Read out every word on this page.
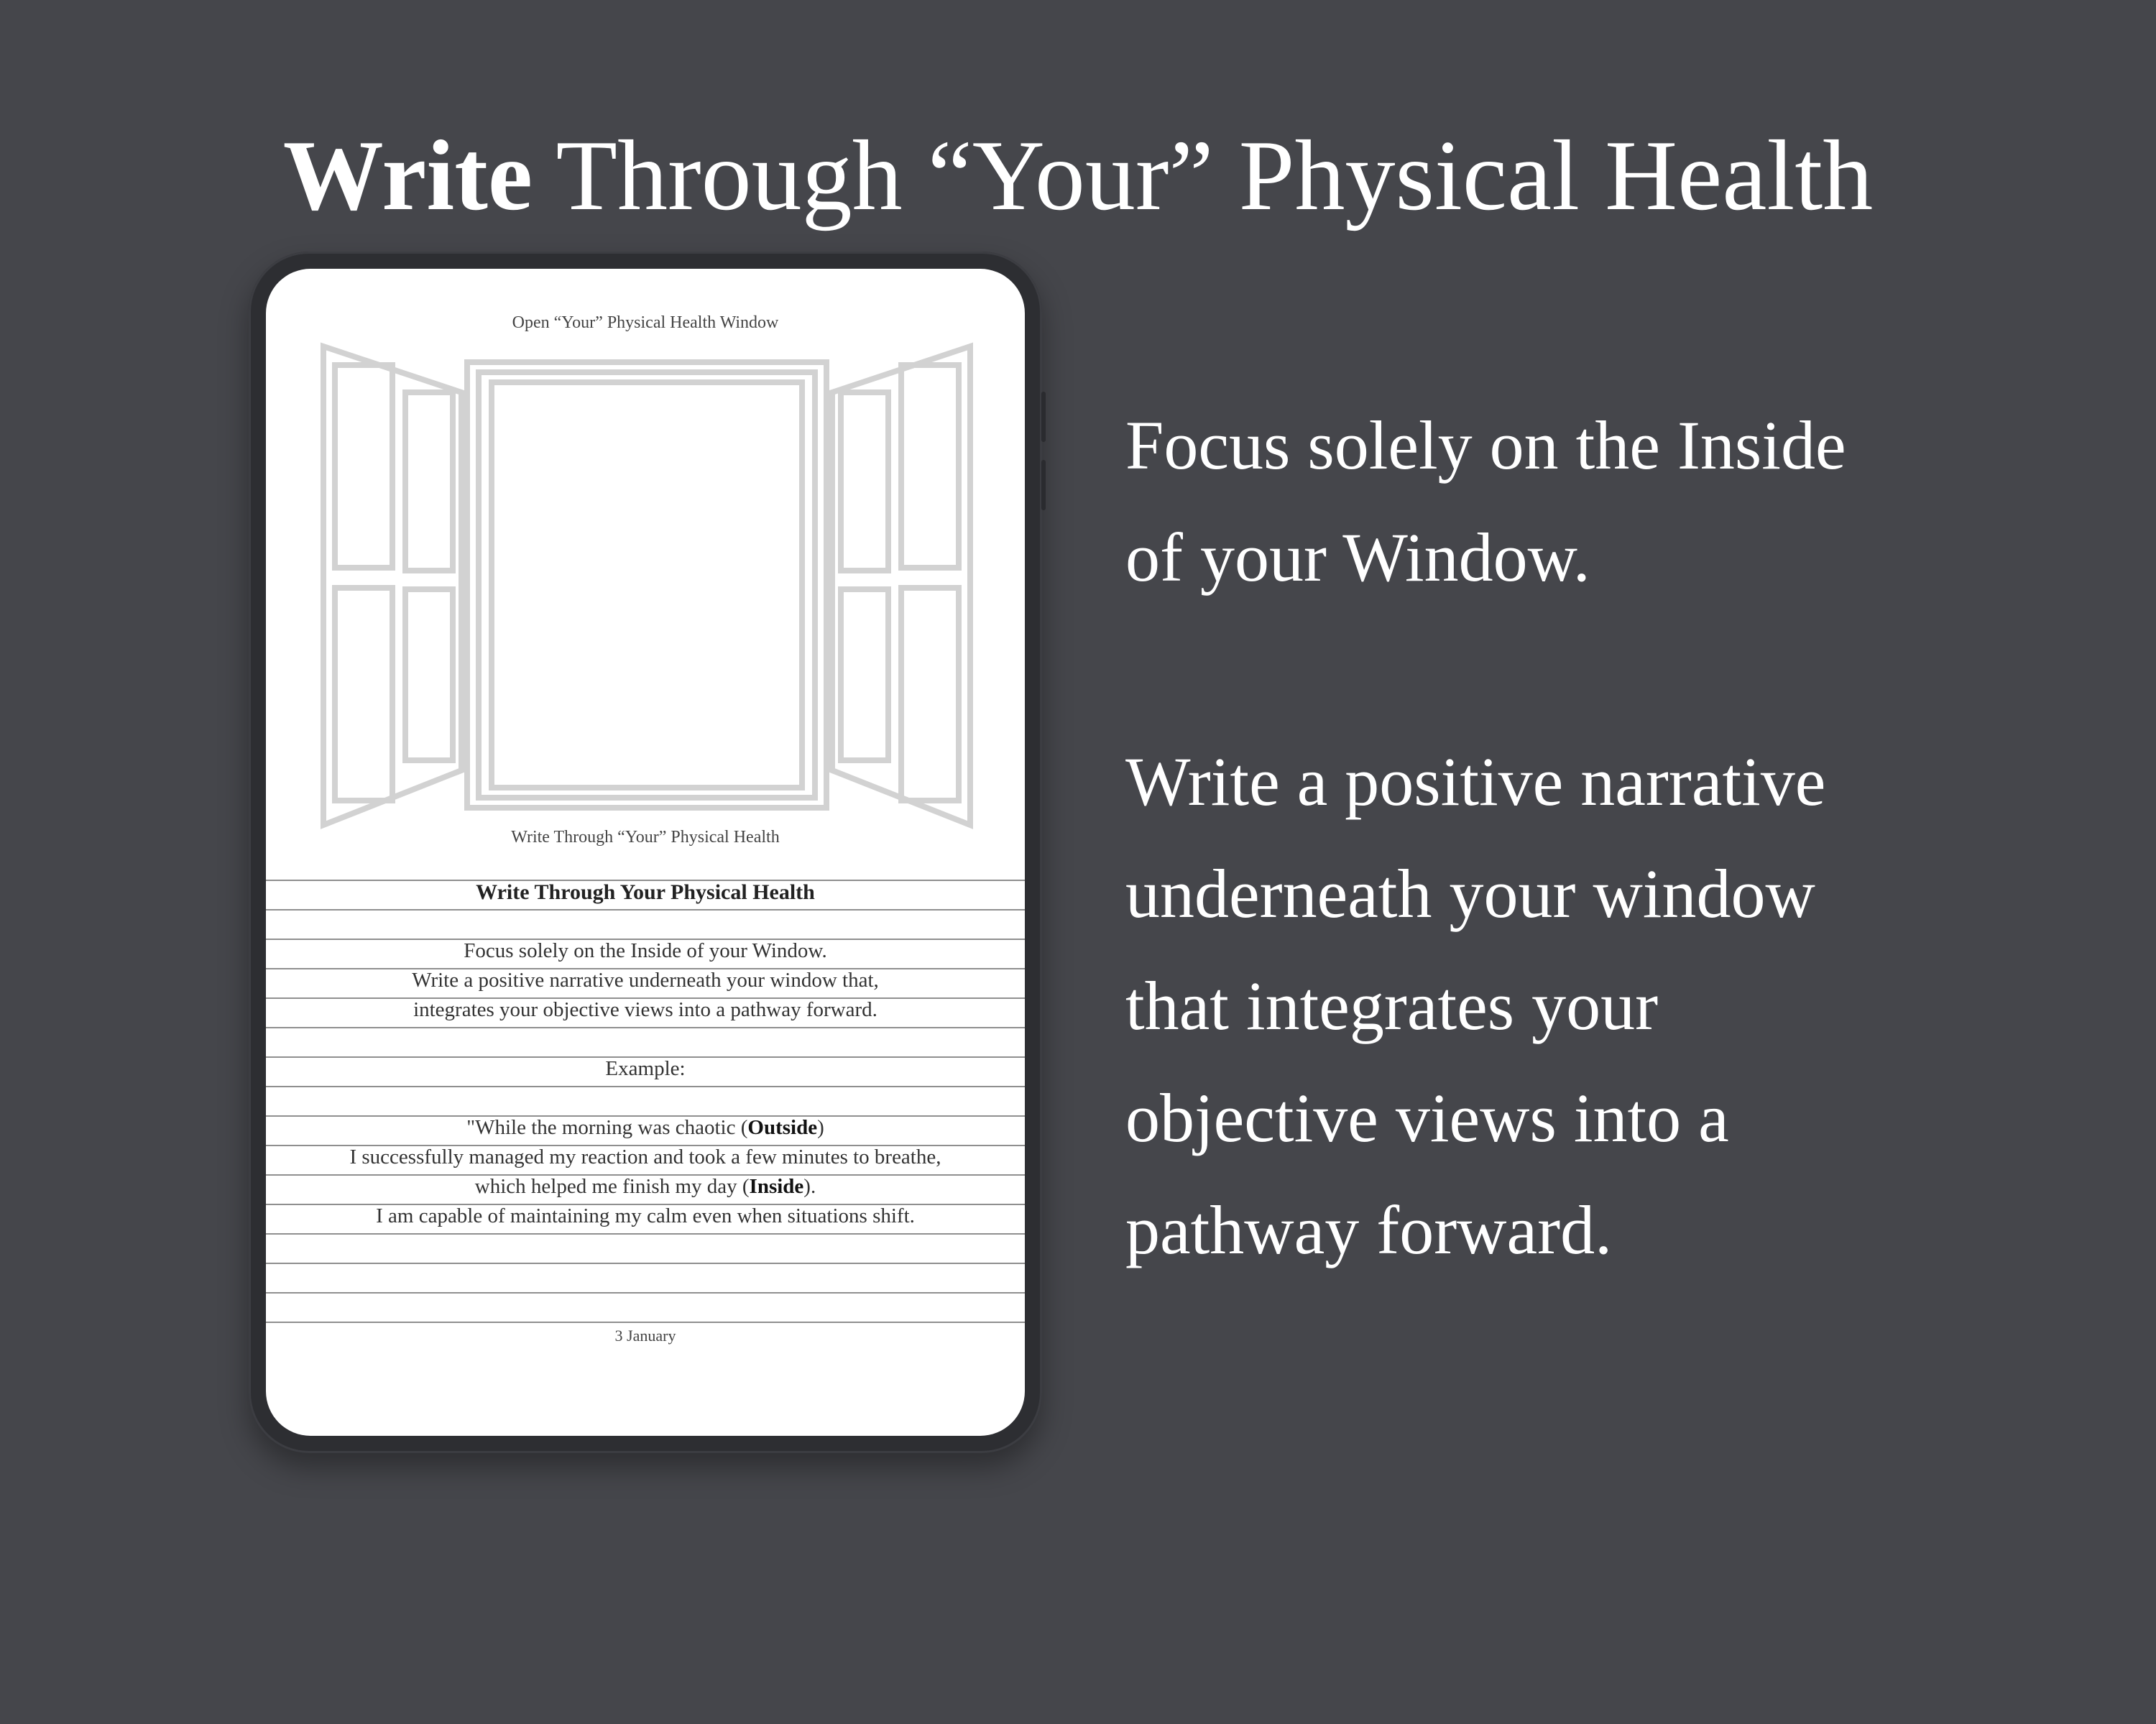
Write Through “Your” Physical Health
Open “Your” Physical Health Window
Write Through “Your” Physical Health
Write Through Your Physical Health
Focus solely on the Inside of your Window.
Write a positive narrative underneath your window that,
integrates your objective views into a pathway forward.
Example:
"While the morning was chaotic (Outside)
I successfully managed my reaction and took a few minutes to breathe,
which helped me finish my day (Inside).
I am capable of maintaining my calm even when situations shift.
3 January
Focus solely on the Inside
of your Window.
Write a positive narrative
underneath your window
that integrates your
objective views into a
pathway forward.
